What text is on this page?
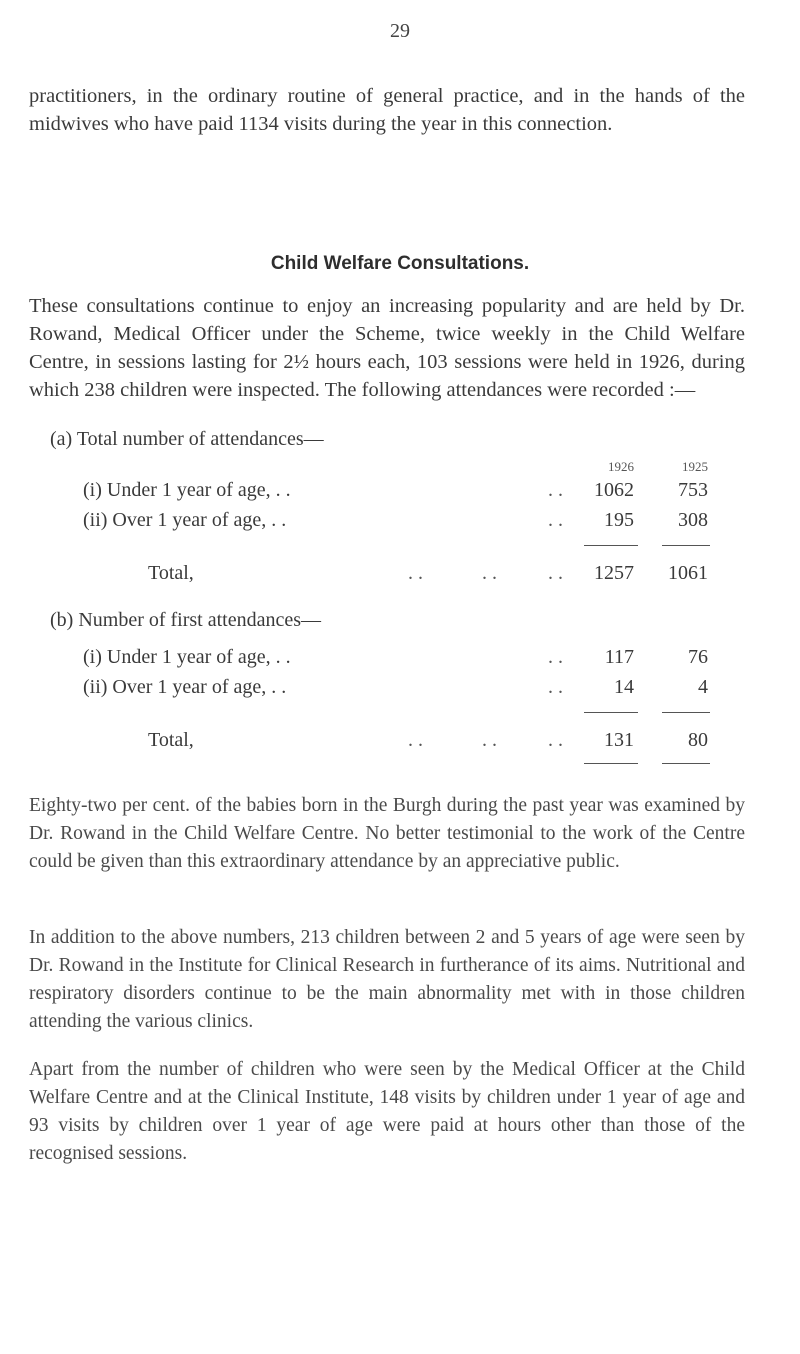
29

practitioners, in the ordinary routine of general practice, and in the hands of the midwives who have paid 1134 visits during the year in this connection.

Child Welfare Consultations.

These consultations continue to enjoy an increasing popularity and are held by Dr. Rowand, Medical Officer under the Scheme, twice weekly in the Child Welfare Centre, in sessions lasting for 2½ hours each, 103 sessions were held in 1926, during which 238 children were inspected. The following attendances were recorded :—

(a) Total number of attendances—
1926	1925
(i) Under 1 year of age, . .	. .	1062	753
(ii) Over 1 year of age, . .	. .	195	308
Total,	. .	. .	. .	1257	1061
(b) Number of first attendances—
(i) Under 1 year of age, . .	. .	117	76
(ii) Over 1 year of age, . .	. .	14	4
Total,	. .	. .	. .	131	80

Eighty-two per cent. of the babies born in the Burgh during the past year was examined by Dr. Rowand in the Child Welfare Centre. No better testimonial to the work of the Centre could be given than this extraordinary attendance by an appreciative public.

In addition to the above numbers, 213 children between 2 and 5 years of age were seen by Dr. Rowand in the Institute for Clinical Research in furtherance of its aims. Nutritional and respiratory disorders continue to be the main abnormality met with in those children attending the various clinics.

Apart from the number of children who were seen by the Medical Officer at the Child Welfare Centre and at the Clinical Institute, 148 visits by children under 1 year of age and 93 visits by children over 1 year of age were paid at hours other than those of the recognised sessions.
